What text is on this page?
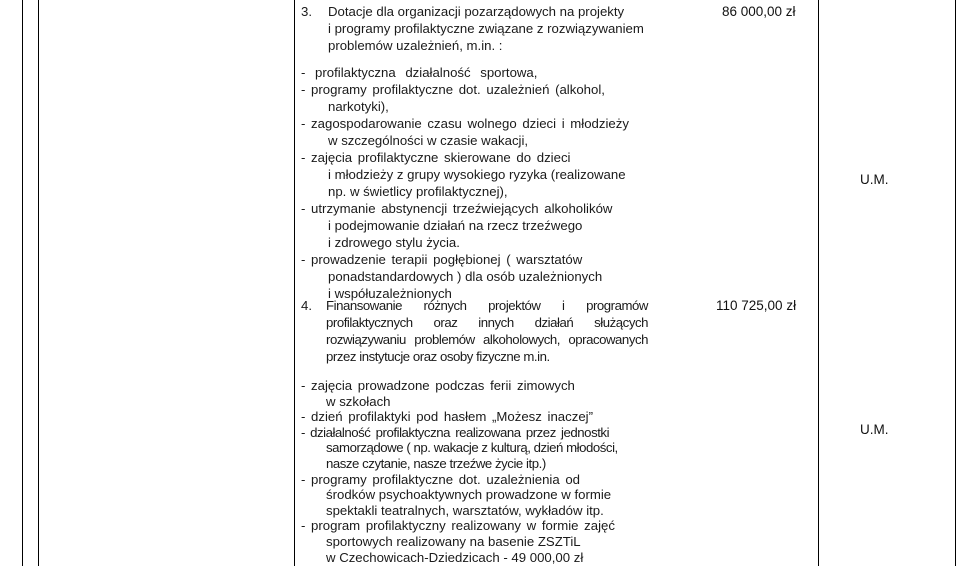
3. Dotacje dla organizacji pozarządowych na projekty
i programy profilaktyczne związane z rozwiązywaniem
problemów uzależnień, m.in. :
- profilaktyczna działalność sportowa,
- programy profilaktyczne dot. uzależnień (alkohol,
narkotyki),
- zagospodarowanie czasu wolnego dzieci i młodzieży
w szczególności w czasie wakacji,
- zajęcia profilaktyczne skierowane do dzieci
i młodzieży z grupy wysokiego ryzyka (realizowane
np. w świetlicy profilaktycznej),
- utrzymanie abstynencji trzeźwiejących alkoholików
i podejmowanie działań na rzecz trzeźwego
i zdrowego stylu życia.
- prowadzenie terapii pogłębionej ( warsztatów
ponadstandardowych ) dla osób uzależnionych
i współuzależnionych
86 000,00 zł
U.M.
4. Finansowanie różnych projektów i programów
profilaktycznych oraz innych działań służących
rozwiązywaniu problemów alkoholowych, opracowanych
przez instytucje oraz osoby fizyczne m.in.
- zajęcia prowadzone podczas ferii zimowych
w szkołach
- dzień profilaktyki pod hasłem „Możesz inaczej”
- działalność profilaktyczna realizowana przez jednostki
samorządowe ( np. wakacje z kulturą, dzień młodości,
nasze czytanie, nasze trzeźwe życie itp.)
- programy profilaktyczne dot. uzależnienia od
środków psychoaktywnych prowadzone w formie
spektakli teatralnych, warsztatów, wykładów itp.
- program profilaktyczny realizowany w formie zajęć
sportowych realizowany na basenie ZSZTiL
w Czechowicach-Dziedzicach - 49 000,00 zł
110 725,00 zł
U.M.
